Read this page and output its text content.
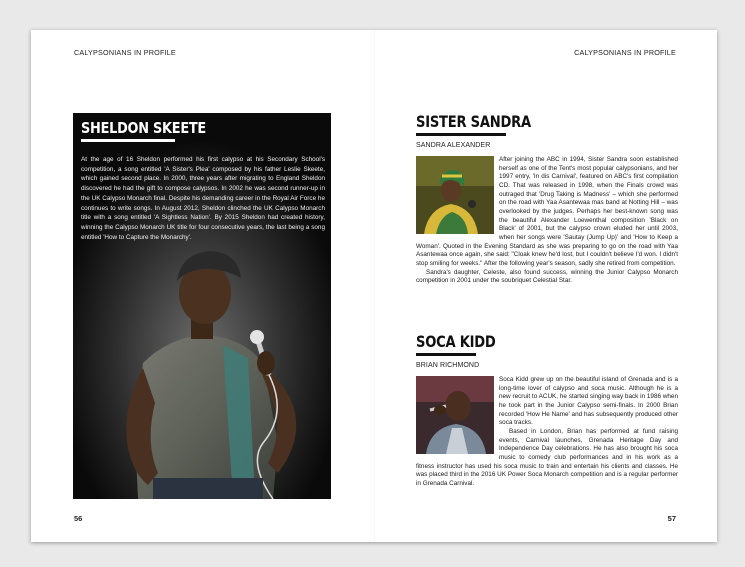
CALYPSONIANS IN PROFILE	CALYPSONIANS IN PROFILE
SHELDON SKEETE
At the age of 16 Sheldon performed his first calypso at his Secondary School's competition, a song entitled 'A Sister's Plea' composed by his father Leslie Skeete, which gained second place. In 2000, three years after migrating to England Sheldon discovered he had the gift to compose calypsos. In 2002 he was second runner-up in the UK Calypso Monarch final. Despite his demanding career in the Royal Air Force he continues to write songs. In August 2012, Sheldon clinched the UK Calypso Monarch title with a song entitled 'A Sightless Nation'. By 2015 Sheldon had created history, winning the Calypso Monarch UK title for four consecutive years, the last being a song entitled 'How to Capture the Monarchy'.
SISTER SANDRA
SANDRA ALEXANDER

After joining the ABC in 1994, Sister Sandra soon established herself as one of the Tent's most popular calypsonians, and her 1997 entry, 'In dis Carnival', featured on ABC's first compilation CD. That was released in 1998, when the Finals crowd was outraged that 'Drug Taking is Madness' – which she performed on the road with Yaa Asantewaa mas band at Notting Hill – was overlooked by the judges. Perhaps her best-known song was the beautiful Alexander Loewenthal composition 'Black on Black' of 2001, but the calypso crown eluded her until 2003, when her songs were 'Sautay (Jump Up)' and 'How to Keep a Woman'. Quoted in the Evening Standard as she was preparing to go on the road with Yaa Asantewaa once again, she said: "Cloak knew he'd lost, but I couldn't believe I'd won. I didn't stop smiling for weeks." After the following year's season, sadly she retired from competition.

Sandra's daughter, Celeste, also found success, winning the Junior Calypso Monarch competition in 2001 under the soubriquet Celestial Star.

SOCA KIDD
BRIAN RICHMOND

Soca Kidd grew up on the beautiful island of Grenada and is a long-time lover of calypso and soca music. Although he is a new recruit to ACUK, he started singing way back in 1986 when he took part in the Junior Calypso semi-finals. In 2000 Brian recorded 'How He Name' and has subsequently produced other soca tracks.

Based in London, Brian has performed at fund raising events, Carnival launches, Grenada Heritage Day and Independence Day celebrations. He has also brought his soca music to comedy club performances and in his work as a fitness instructor has used his soca music to train and entertain his clients and classes. He was placed third in the 2016 UK Power Soca Monarch competition and is a regular performer in Grenada Carnival.

56	57
